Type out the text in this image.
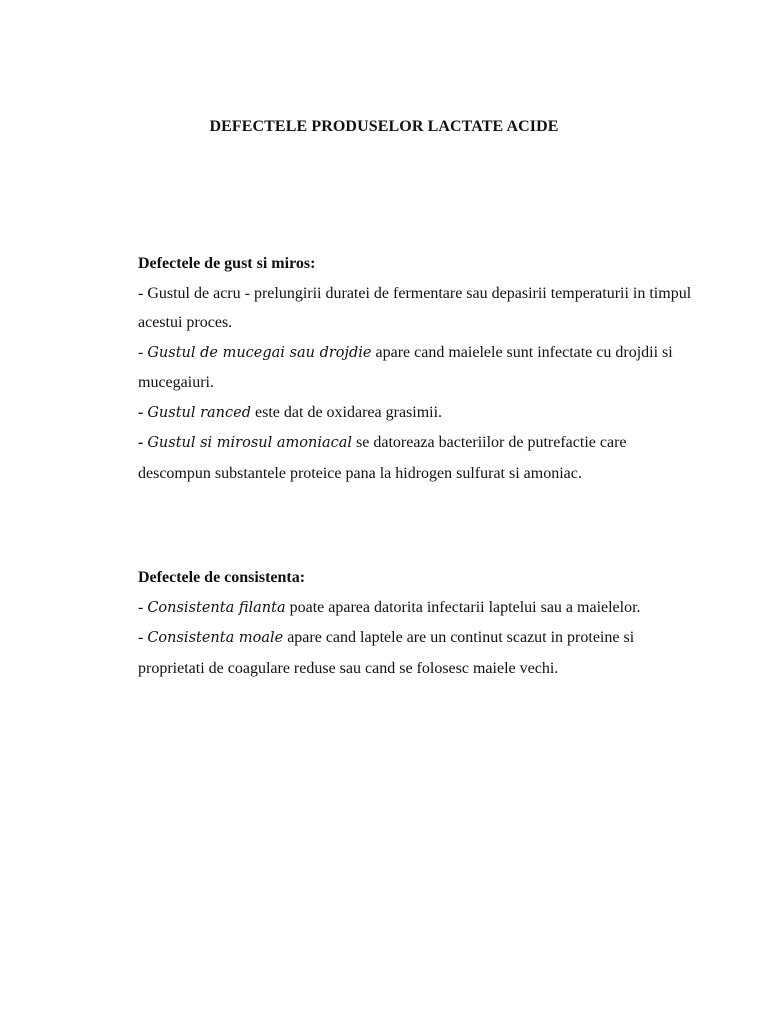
DEFECTELE PRODUSELOR LACTATE ACIDE
Defectele de gust si miros:
- Gustul de acru - prelungirii duratei de fermentare sau depasirii temperaturii in timpul acestui proces.
- Gustul de mucegai sau drojdie apare cand maielele sunt infectate cu drojdii si mucegaiuri.
- Gustul ranced este dat de oxidarea grasimii.
- Gustul si mirosul amoniacal se datoreaza bacteriilor de putrefactie care descompun substantele proteice pana la hidrogen sulfurat si amoniac.
Defectele de consistenta:
- Consistenta filanta poate aparea datorita infectarii laptelui sau a maielelor.
- Consistenta moale apare cand laptele are un continut scazut in proteine si proprietati de coagulare reduse sau cand se folosesc maiele vechi.
